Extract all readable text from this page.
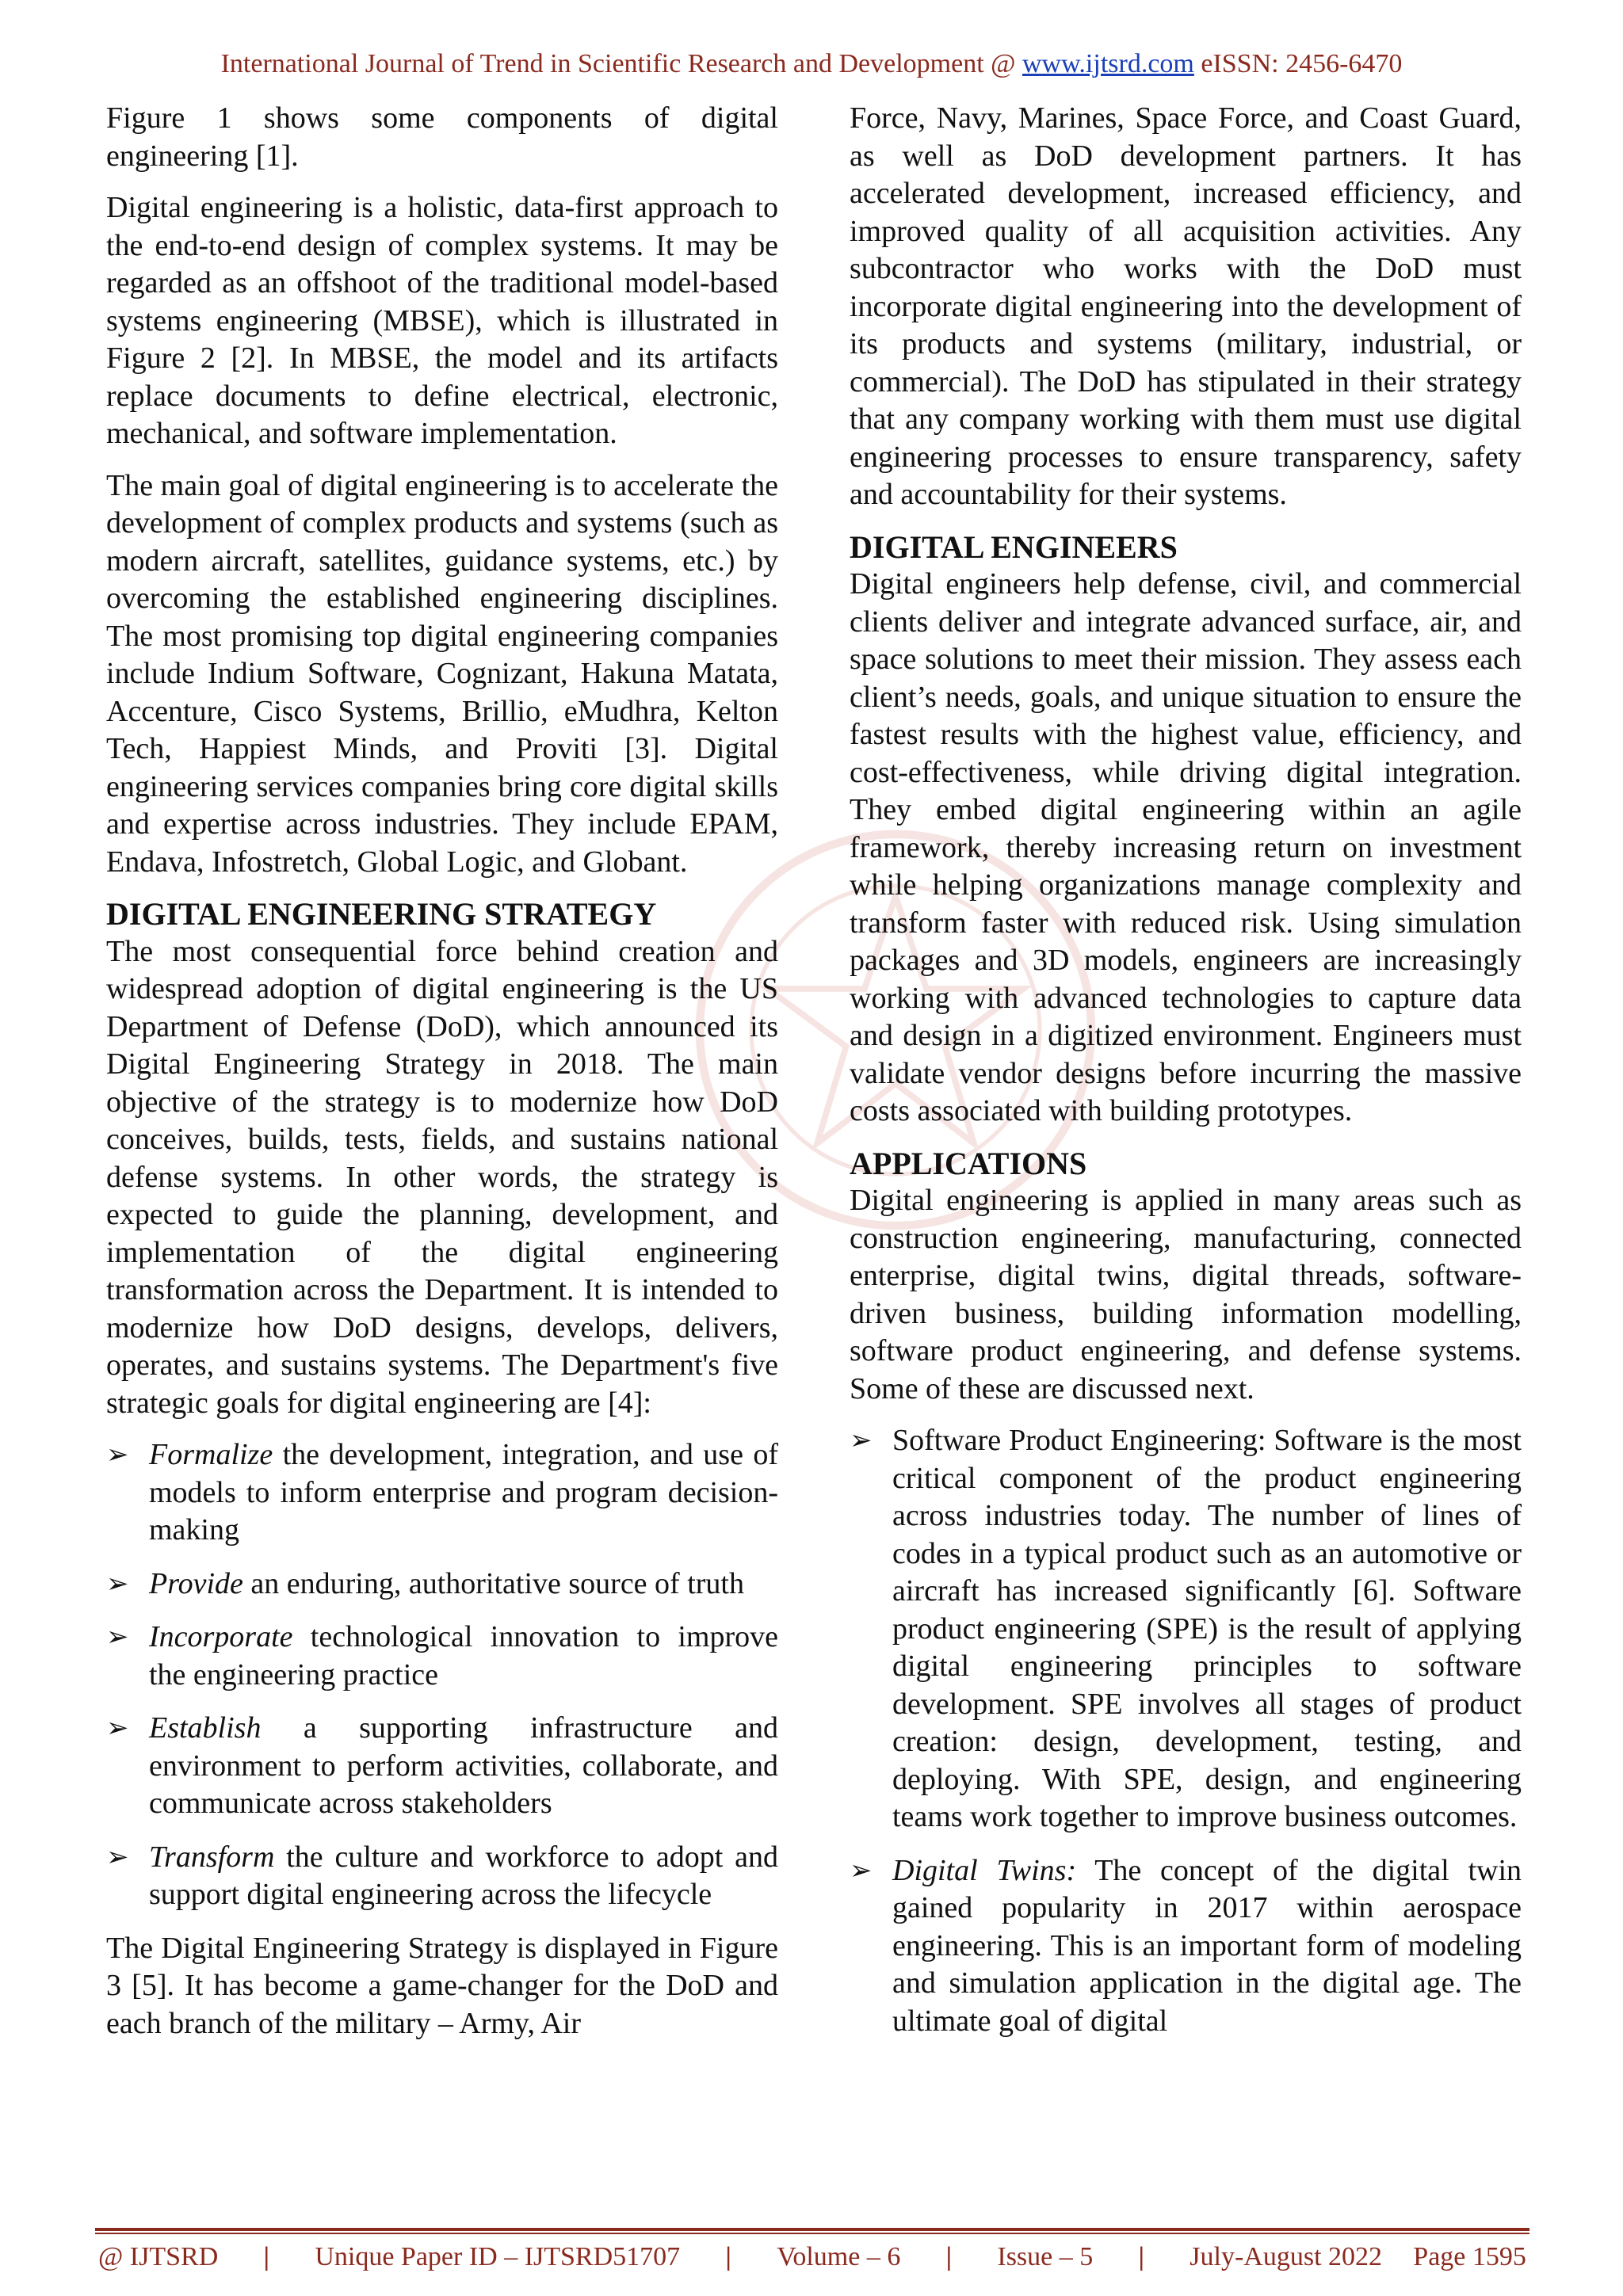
International Journal of Trend in Scientific Research and Development @ www.ijtsrd.com eISSN: 2456-6470

Figure 1 shows some components of digital engineering [1].

Digital engineering is a holistic, data-first approach to the end-to-end design of complex systems. It may be regarded as an offshoot of the traditional model-based systems engineering (MBSE), which is illustrated in Figure 2 [2]. In MBSE, the model and its artifacts replace documents to define electrical, electronic, mechanical, and software implementation.

The main goal of digital engineering is to accelerate the development of complex products and systems (such as modern aircraft, satellites, guidance systems, etc.) by overcoming the established engineering disciplines. The most promising top digital engineering companies include Indium Software, Cognizant, Hakuna Matata, Accenture, Cisco Systems, Brillio, eMudhra, Kelton Tech, Happiest Minds, and Proviti [3]. Digital engineering services companies bring core digital skills and expertise across industries. They include EPAM, Endava, Infostretch, Global Logic, and Globant.

DIGITAL ENGINEERING STRATEGY

The most consequential force behind creation and widespread adoption of digital engineering is the US Department of Defense (DoD), which announced its Digital Engineering Strategy in 2018. The main objective of the strategy is to modernize how DoD conceives, builds, tests, fields, and sustains national defense systems. In other words, the strategy is expected to guide the planning, development, and implementation of the digital engineering transformation across the Department. It is intended to modernize how DoD designs, develops, delivers, operates, and sustains systems. The Department's five strategic goals for digital engineering are [4]:

➢ Formalize the development, integration, and use of models to inform enterprise and program decision-making
➢ Provide an enduring, authoritative source of truth
➢ Incorporate technological innovation to improve the engineering practice
➢ Establish a supporting infrastructure and environment to perform activities, collaborate, and communicate across stakeholders
➢ Transform the culture and workforce to adopt and support digital engineering across the lifecycle

The Digital Engineering Strategy is displayed in Figure 3 [5]. It has become a game-changer for the DoD and each branch of the military – Army, Air

Force, Navy, Marines, Space Force, and Coast Guard, as well as DoD development partners. It has accelerated development, increased efficiency, and improved quality of all acquisition activities. Any subcontractor who works with the DoD must incorporate digital engineering into the development of its products and systems (military, industrial, or commercial). The DoD has stipulated in their strategy that any company working with them must use digital engineering processes to ensure transparency, safety and accountability for their systems.

DIGITAL ENGINEERS

Digital engineers help defense, civil, and commercial clients deliver and integrate advanced surface, air, and space solutions to meet their mission. They assess each client’s needs, goals, and unique situation to ensure the fastest results with the highest value, efficiency, and cost-effectiveness, while driving digital integration. They embed digital engineering within an agile framework, thereby increasing return on investment while helping organizations manage complexity and transform faster with reduced risk. Using simulation packages and 3D models, engineers are increasingly working with advanced technologies to capture data and design in a digitized environment. Engineers must validate vendor designs before incurring the massive costs associated with building prototypes.

APPLICATIONS

Digital engineering is applied in many areas such as construction engineering, manufacturing, connected enterprise, digital twins, digital threads, software-driven business, building information modelling, software product engineering, and defense systems. Some of these are discussed next.

➢ Software Product Engineering: Software is the most critical component of the product engineering across industries today. The number of lines of codes in a typical product such as an automotive or aircraft has increased significantly [6]. Software product engineering (SPE) is the result of applying digital engineering principles to software development. SPE involves all stages of product creation: design, development, testing, and deploying. With SPE, design, and engineering teams work together to improve business outcomes.
➢ Digital Twins: The concept of the digital twin gained popularity in 2017 within aerospace engineering. This is an important form of modeling and simulation application in the digital age. The ultimate goal of digital
@ IJTSRD	|	Unique Paper ID – IJTSRD51707	|	Volume – 6	|	Issue – 5	|	July-August 2022 Page 1595
